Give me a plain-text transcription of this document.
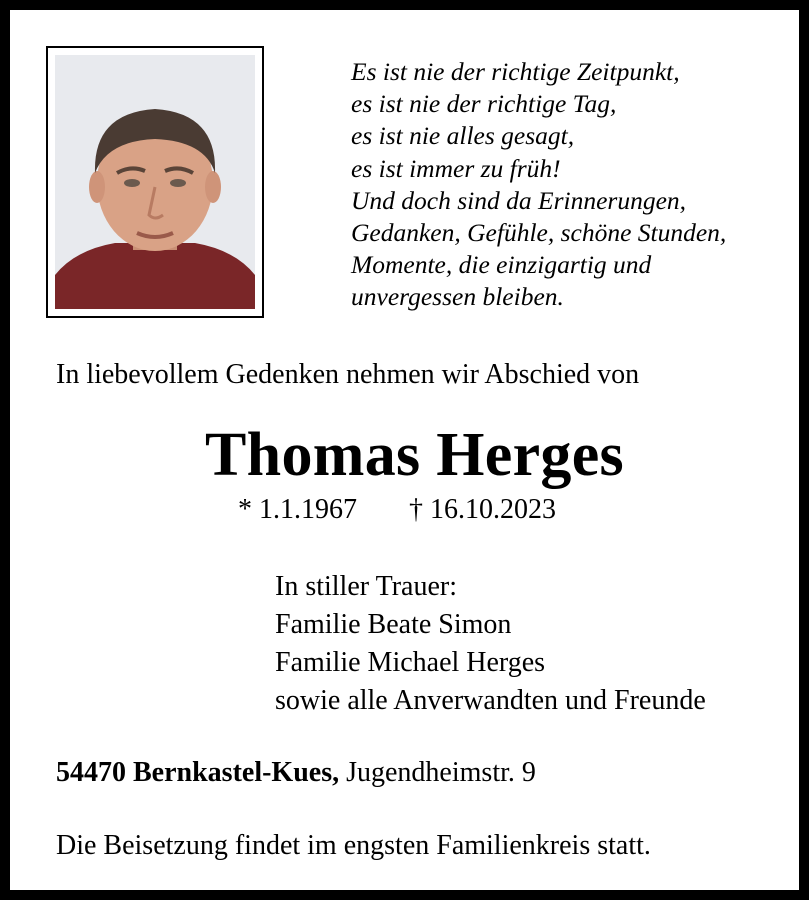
Es ist nie der richtige Zeitpunkt,
es ist nie der richtige Tag,
es ist nie alles gesagt,
es ist immer zu früh!
Und doch sind da Erinnerungen,
Gedanken, Gefühle, schöne Stunden,
Momente, die einzigartig und
unvergessen bleiben.
In liebevollem Gedenken nehmen wir Abschied von
Thomas Herges
* 1.1.1967 † 16.10.2023
In stiller Trauer:
Familie Beate Simon
Familie Michael Herges
sowie alle Anverwandten und Freunde
54470 Bernkastel-Kues, Jugendheimstr. 9
Die Beisetzung findet im engsten Familienkreis statt.
